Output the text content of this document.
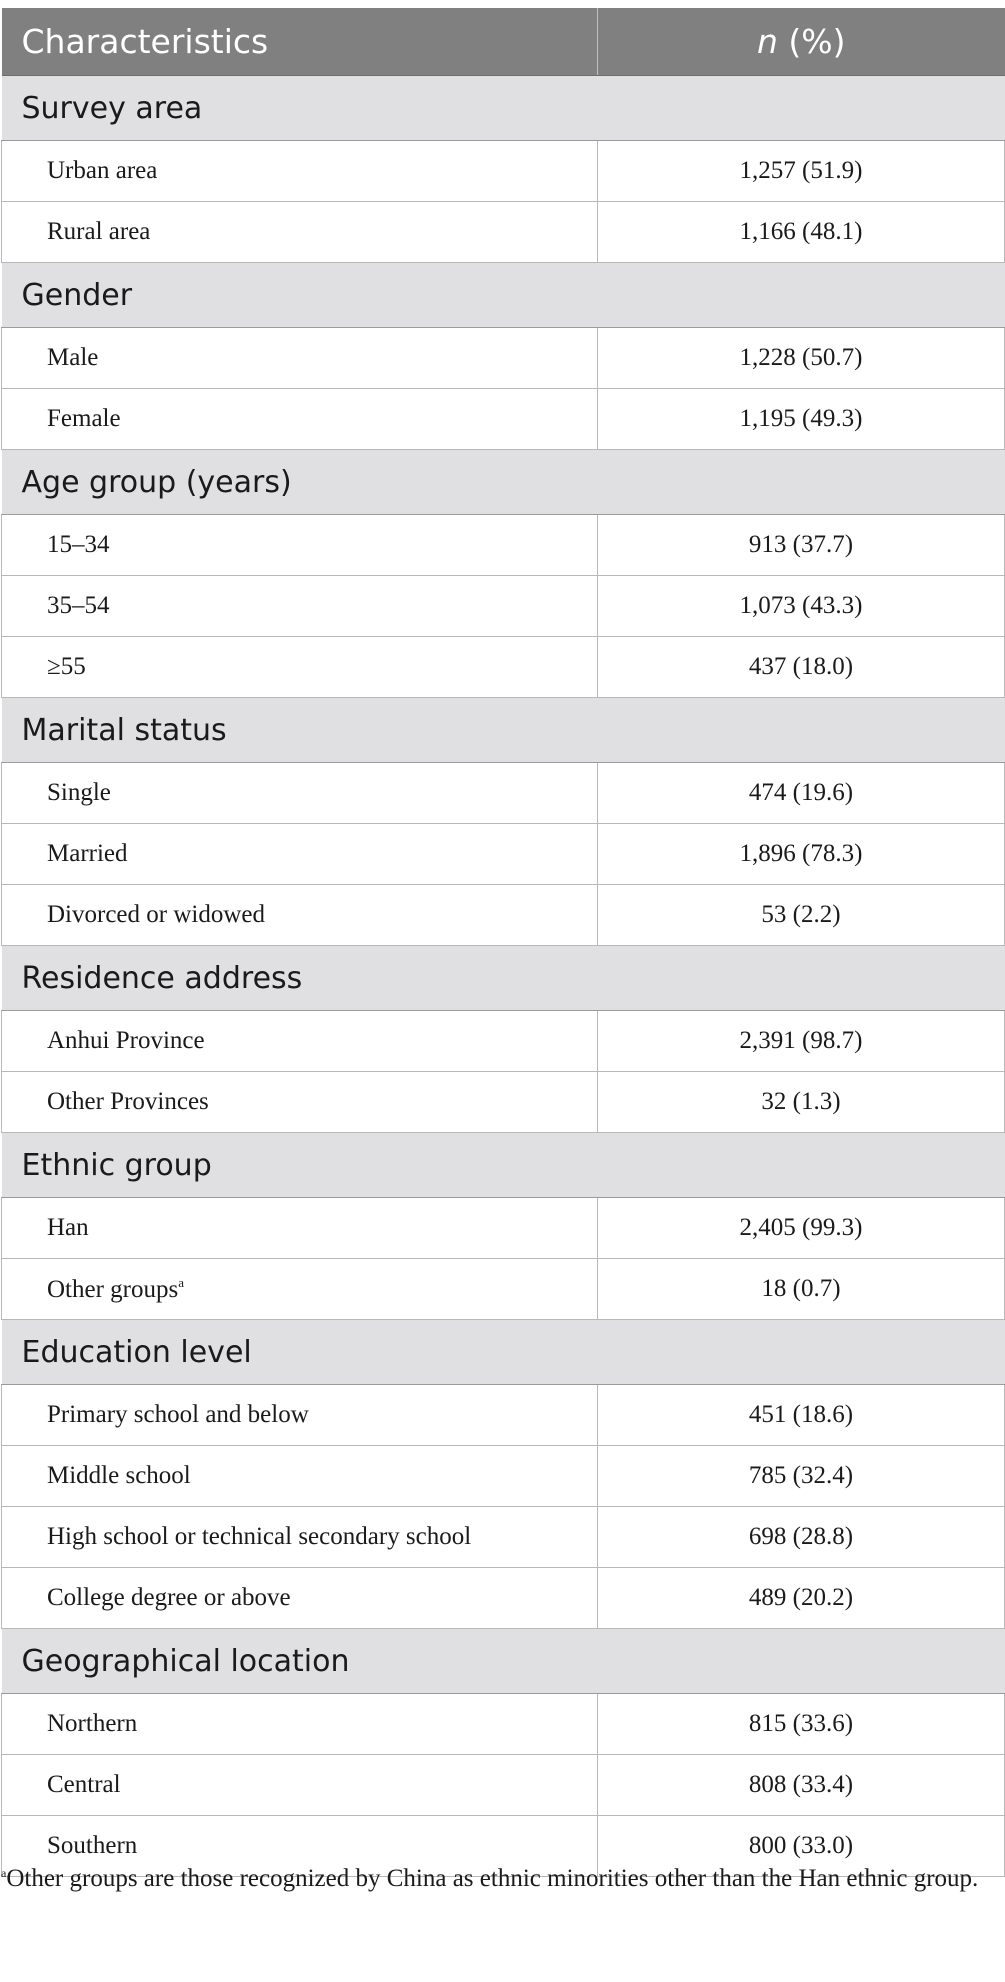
Characteristics	n (%)
Survey area	
Urban area	1,257 (51.9)
Rural area	1,166 (48.1)
Gender	
Male	1,228 (50.7)
Female	1,195 (49.3)
Age group (years)	
15–34	913 (37.7)
35–54	1,073 (43.3)
≥55	437 (18.0)
Marital status	
Single	474 (19.6)
Married	1,896 (78.3)
Divorced or widowed	53 (2.2)
Residence address	
Anhui Province	2,391 (98.7)
Other Provinces	32 (1.3)
Ethnic group	
Han	2,405 (99.3)
Other groups$^a$	18 (0.7)
Education level	
Primary school and below	451 (18.6)
Middle school	785 (32.4)
High school or technical secondary school	698 (28.8)
College degree or above	489 (20.2)
Geographical location	
Northern	815 (33.6)
Central	808 (33.4)
Southern	800 (33.0)
$^a$Other groups are those recognized by China as ethnic minorities other than the Han ethnic group.
